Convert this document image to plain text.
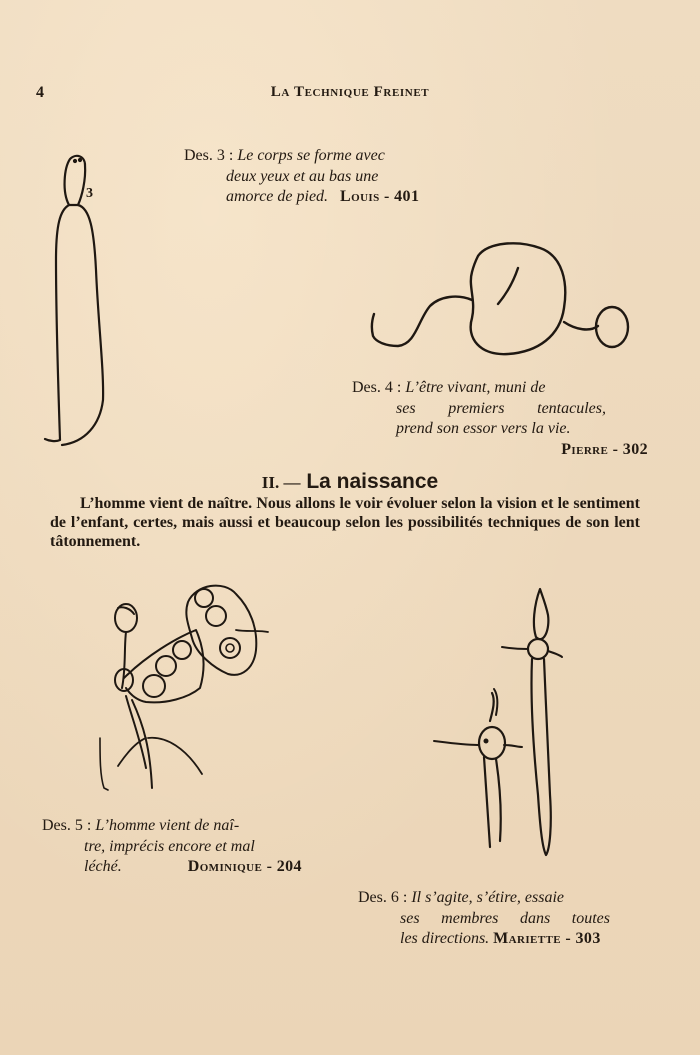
4	La Technique Freinet
3
Des. 3 : Le corps se forme avec
deux yeux et au bas une
amorce de pied. Louis - 401
Des. 4 : L’être vivant, muni de
ses premiers tentacules,
prend son essor vers la vie.
Pierre - 302
II. — La naissance
L’homme vient de naître. Nous allons le voir évoluer selon la vision et le sentiment de l’enfant, certes, mais aussi et beaucoup selon les possibilités techniques de son lent tâtonnement.
Des. 5 : L’homme vient de naî-
tre, imprécis encore et mal
léché.	Dominique - 204
Des. 6 : Il s’agite, s’étire, essaie
ses membres dans toutes
les directions. Mariette - 303
